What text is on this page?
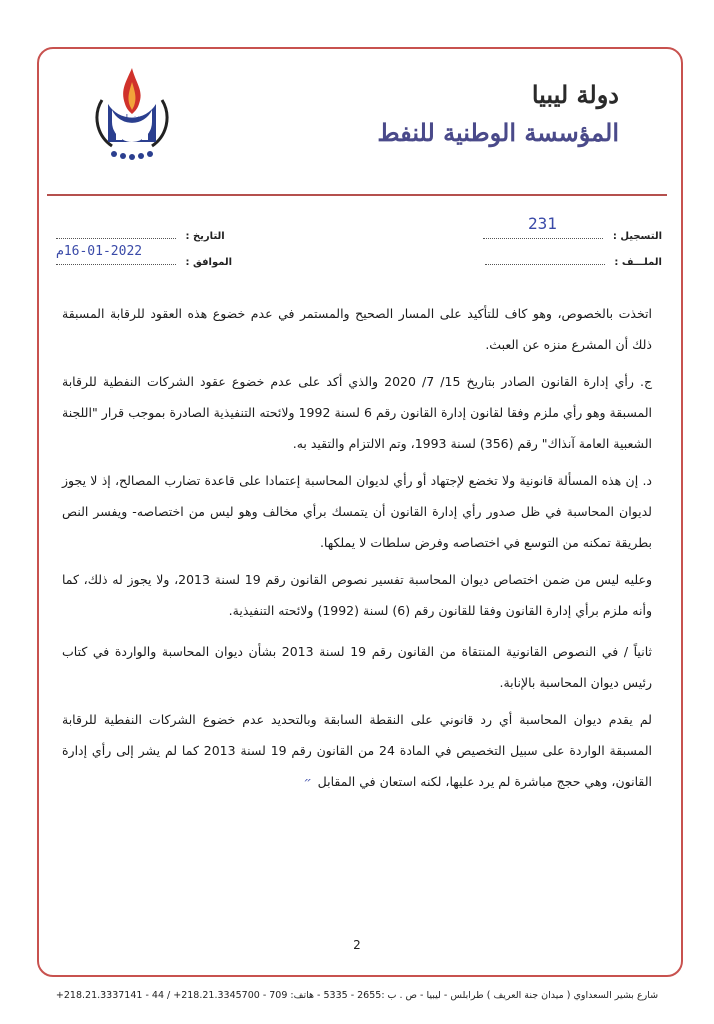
نفط
دولة ليبيا
المؤسسة الوطنية للنفط
التسجيل :
231
الملـــف :
التاريخ :
الموافق :
16-01-2022م

اتخذت بالخصوص، وهو كاف للتأكيد على المسار الصحيح والمستمر في عدم خضوع هذه العقود للرقابة المسبقة ذلك أن المشرع منزه عن العبث.

ج. رأي إدارة القانون الصادر بتاريخ 15/ 7/ 2020 والذي أكد على عدم خضوع عقود الشركات النفطية للرقابة المسبقة وهو رأي ملزم وفقا لقانون إدارة القانون رقم 6 لسنة 1992 ولائحته التنفيذية الصادرة بموجب قرار "اللجنة الشعبية العامة آنذاك" رقم (356) لسنة 1993، وتم الالتزام والتقيد به.

د. إن هذه المسألة قانونية ولا تخضع لإجتهاد أو رأي لديوان المحاسبة إعتمادا على قاعدة تضارب المصالح، إذ لا يجوز لديوان المحاسبة في ظل صدور رأي إدارة القانون أن يتمسك برأي مخالف وهو ليس من اختصاصه- ويفسر النص بطريقة تمكنه من التوسع في اختصاصه وفرض سلطات لا يملكها.

وعليه ليس من ضمن اختصاص ديوان المحاسبة تفسير نصوص القانون رقم 19 لسنة 2013، ولا يجوز له ذلك، كما وأنه ملزم برأي إدارة القانون وفقا للقانون رقم (6) لسنة (1992) ولائحته التنفيذية.

ثانياً / في النصوص القانونية المنتقاة من القانون رقم 19 لسنة 2013 بشأن ديوان المحاسبة والواردة في كتاب رئيس ديوان المحاسبة بالإنابة.

لم يقدم ديوان المحاسبة أي رد قانوني على النقطة السابقة وبالتحديد عدم خضوع الشركات النفطية للرقابة المسبقة الواردة على سبيل التخصيص في المادة 24 من القانون رقم 19 لسنة 2013 كما لم يشر إلى رأي إدارة القانون، وهي حجج مباشرة لم يرد عليها، لكنه استعان في المقابل״

2
شارع بشير السعداوي ( ميدان جنة العريف ) طرابلس - ليبيا - ص . ب :2655 - 5335 - هاتف: 709 - 218.21.3345700+ / 44 - 218.21.3337141+
